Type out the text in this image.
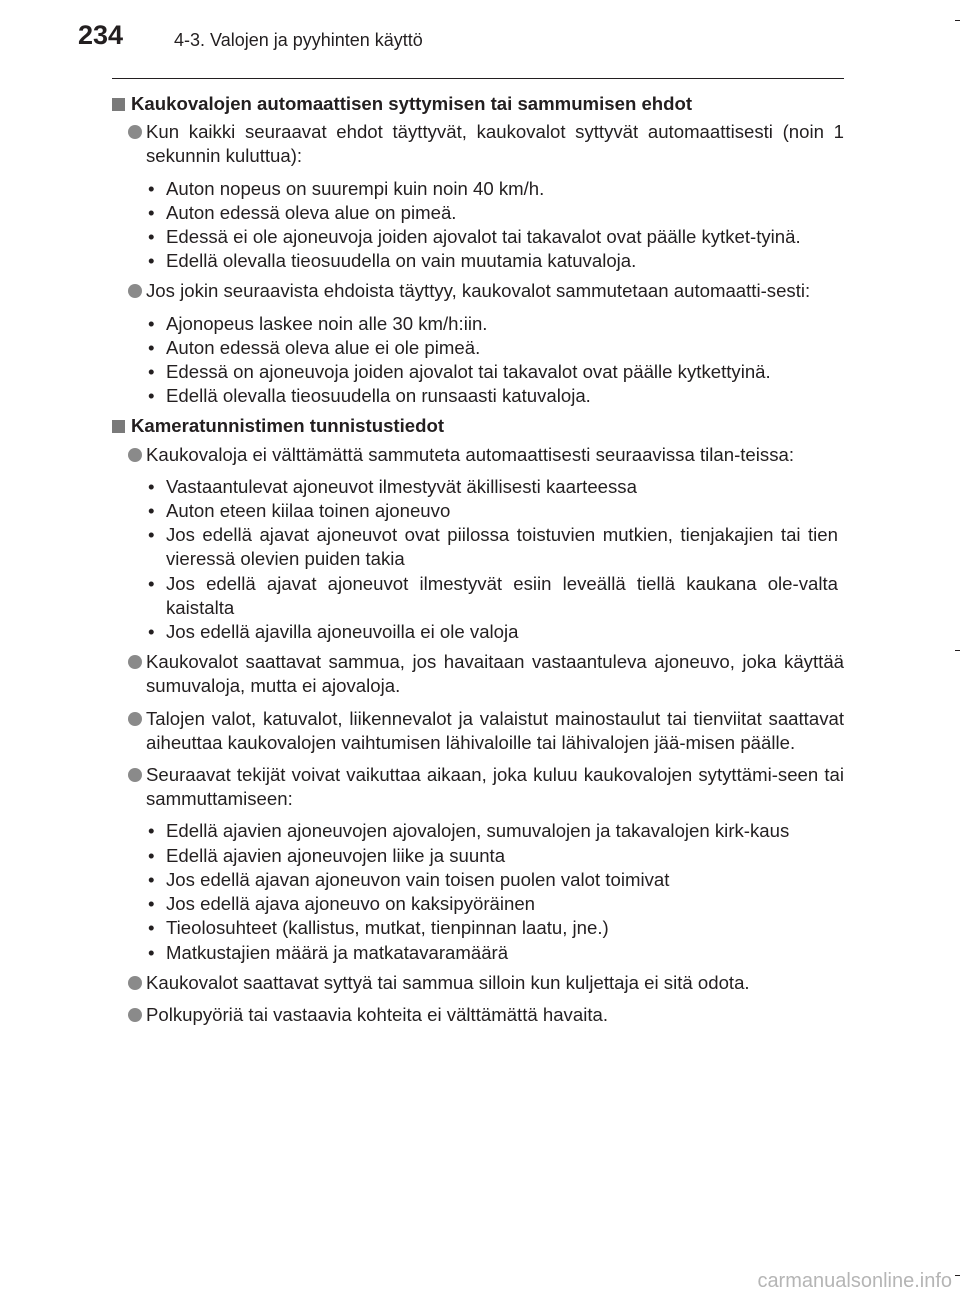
234	4-3. Valojen ja pyyhinten käyttö
Kaukovalojen automaattisen syttymisen tai sammumisen ehdot
Kun kaikki seuraavat ehdot täyttyvät, kaukovalot syttyvät automaattisesti (noin 1 sekunnin kuluttua):
• Auton nopeus on suurempi kuin noin 40 km/h.
• Auton edessä oleva alue on pimeä.
• Edessä ei ole ajoneuvoja joiden ajovalot tai takavalot ovat päälle kytket-tyinä.
• Edellä olevalla tieosuudella on vain muutamia katuvaloja.
Jos jokin seuraavista ehdoista täyttyy, kaukovalot sammutetaan automaatti-sesti:
• Ajonopeus laskee noin alle 30 km/h:iin.
• Auton edessä oleva alue ei ole pimeä.
• Edessä on ajoneuvoja joiden ajovalot tai takavalot ovat päälle kytkettyinä.
• Edellä olevalla tieosuudella on runsaasti katuvaloja.
Kameratunnistimen tunnistustiedot
Kaukovaloja ei välttämättä sammuteta automaattisesti seuraavissa tilan-teissa:
• Vastaantulevat ajoneuvot ilmestyvät äkillisesti kaarteessa
• Auton eteen kiilaa toinen ajoneuvo
• Jos edellä ajavat ajoneuvot ovat piilossa toistuvien mutkien, tienjakajien tai tien vieressä olevien puiden takia
• Jos edellä ajavat ajoneuvot ilmestyvät esiin leveällä tiellä kaukana ole-valta kaistalta
• Jos edellä ajavilla ajoneuvoilla ei ole valoja
Kaukovalot saattavat sammua, jos havaitaan vastaantuleva ajoneuvo, joka käyttää sumuvaloja, mutta ei ajovaloja.
Talojen valot, katuvalot, liikennevalot ja valaistut mainostaulut tai tienviitat saattavat aiheuttaa kaukovalojen vaihtumisen lähivaloille tai lähivalojen jää-misen päälle.
Seuraavat tekijät voivat vaikuttaa aikaan, joka kuluu kaukovalojen sytyttämi-seen tai sammuttamiseen:
• Edellä ajavien ajoneuvojen ajovalojen, sumuvalojen ja takavalojen kirk-kaus
• Edellä ajavien ajoneuvojen liike ja suunta
• Jos edellä ajavan ajoneuvon vain toisen puolen valot toimivat
• Jos edellä ajava ajoneuvo on kaksipyöräinen
• Tieolosuhteet (kallistus, mutkat, tienpinnan laatu, jne.)
• Matkustajien määrä ja matkatavaramäärä
Kaukovalot saattavat syttyä tai sammua silloin kun kuljettaja ei sitä odota.
Polkupyöriä tai vastaavia kohteita ei välttämättä havaita.
carmanualsonline.info
